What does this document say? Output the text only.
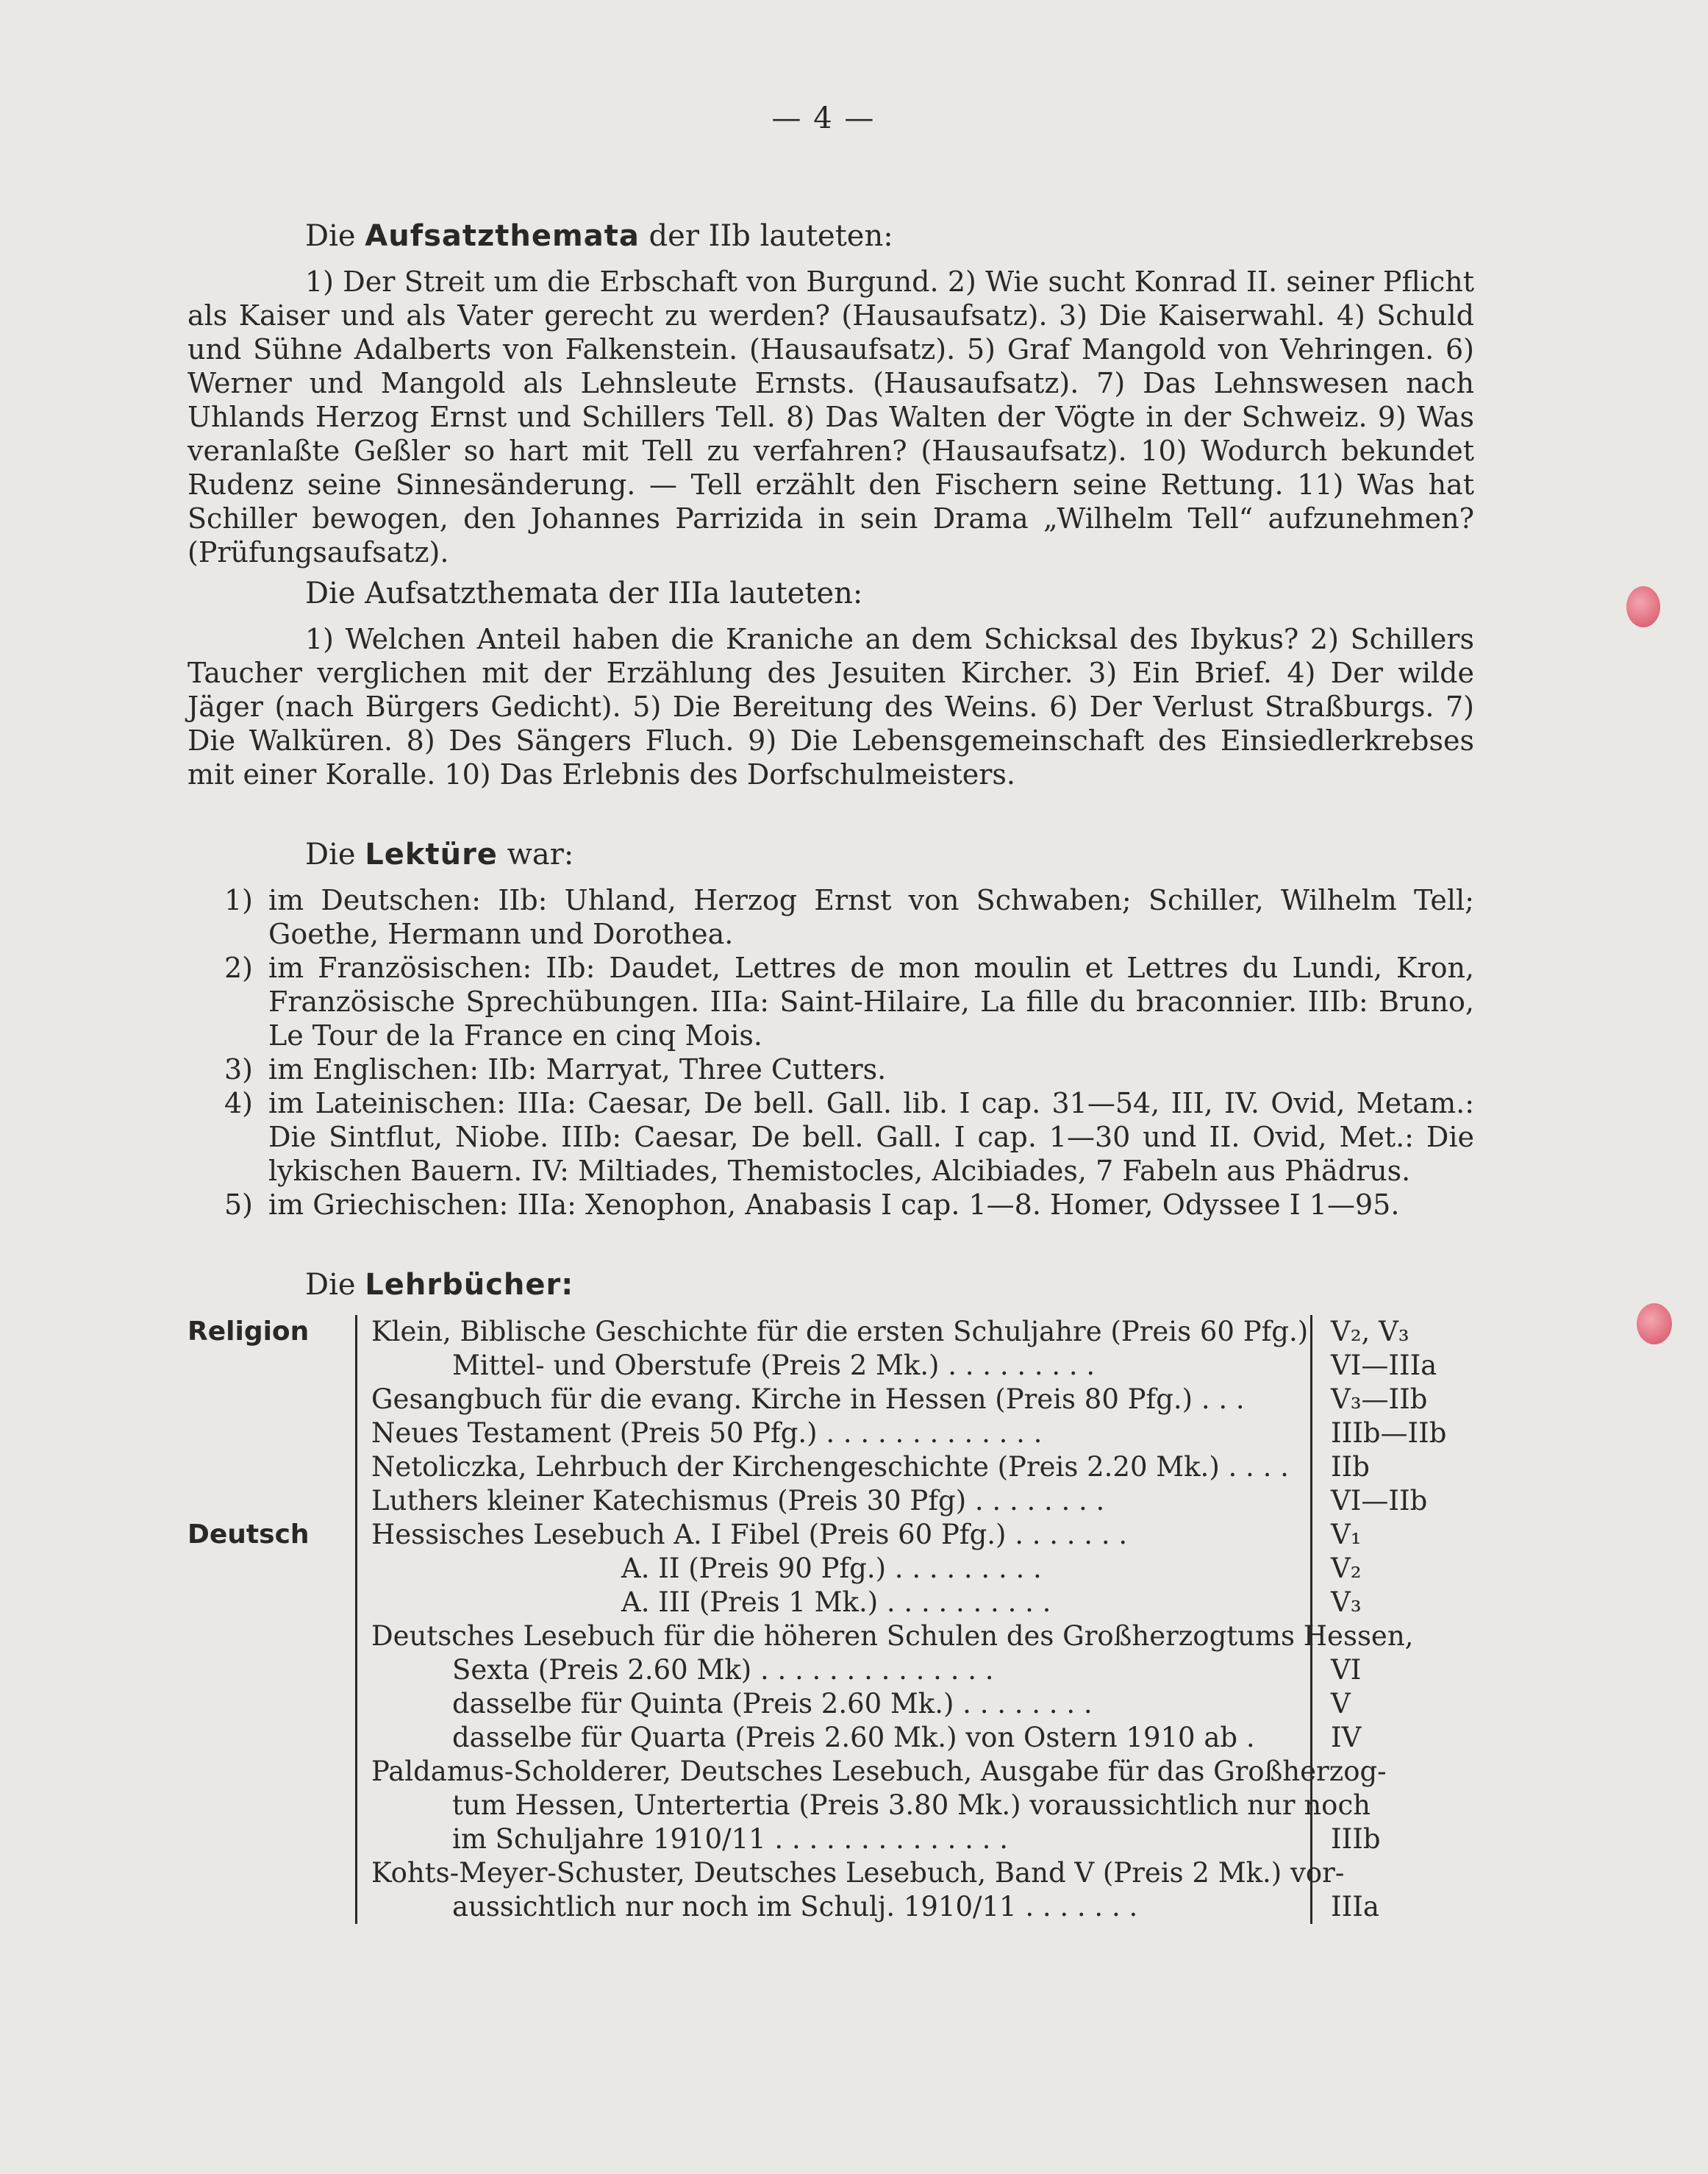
— 4 —
Die Aufsatzthemata der IIb lauteten:

1) Der Streit um die Erbschaft von Burgund. 2) Wie sucht Konrad II. seiner Pflicht als Kaiser und als Vater gerecht zu werden? (Hausaufsatz). 3) Die Kaiserwahl. 4) Schuld und Sühne Adalberts von Falkenstein. (Hausaufsatz). 5) Graf Mangold von Vehringen. 6) Werner und Mangold als Lehnsleute Ernsts. (Hausaufsatz). 7) Das Lehnswesen nach Uhlands Herzog Ernst und Schillers Tell. 8) Das Walten der Vögte in der Schweiz. 9) Was veranlaßte Geßler so hart mit Tell zu verfahren? (Hausaufsatz). 10) Wodurch bekundet Rudenz seine Sinnesänderung. — Tell erzählt den Fischern seine Rettung. 11) Was hat Schiller bewogen, den Johannes Parrizida in sein Drama „Wilhelm Tell“ aufzunehmen? (Prüfungsaufsatz).

Die Aufsatzthemata der IIIa lauteten:

1) Welchen Anteil haben die Kraniche an dem Schicksal des Ibykus? 2) Schillers Taucher verglichen mit der Erzählung des Jesuiten Kircher. 3) Ein Brief. 4) Der wilde Jäger (nach Bürgers Gedicht). 5) Die Bereitung des Weins. 6) Der Verlust Straßburgs. 7) Die Walküren. 8) Des Sängers Fluch. 9) Die Lebensgemeinschaft des Einsiedlerkrebses mit einer Koralle. 10) Das Erlebnis des Dorfschulmeisters.

Die Lektüre war:
1) im Deutschen: IIb: Uhland, Herzog Ernst von Schwaben; Schiller, Wilhelm Tell; Goethe, Hermann und Dorothea.
2) im Französischen: IIb: Daudet, Lettres de mon moulin et Lettres du Lundi, Kron, Französische Sprechübungen. IIIa: Saint-Hilaire, La fille du braconnier. IIIb: Bruno, Le Tour de la France en cinq Mois.
3) im Englischen: IIb: Marryat, Three Cutters.
4) im Lateinischen: IIIa: Caesar, De bell. Gall. lib. I cap. 31—54, III, IV. Ovid, Metam.: Die Sintflut, Niobe. IIIb: Caesar, De bell. Gall. I cap. 1—30 und II. Ovid, Met.: Die lykischen Bauern. IV: Miltiades, Themistocles, Alcibiades, 7 Fabeln aus Phädrus.
5) im Griechischen: IIIa: Xenophon, Anabasis I cap. 1—8. Homer, Odyssee I 1—95.
Die Lehrbücher:
Religion	Klein, Biblische Geschichte für die ersten Schuljahre (Preis 60 Pfg.) V₂, V₃
Mittel- und Oberstufe (Preis 2 Mk.) . . . . . . . . .	VI—IIIa
Gesangbuch für die evang. Kirche in Hessen (Preis 80 Pfg.) . . .	V₃—IIb
Neues Testament (Preis 50 Pfg.) . . . . . . . . . . . . .	IIIb—IIb
Netoliczka, Lehrbuch der Kirchengeschichte (Preis 2.20 Mk.) . . . .	IIb
Luthers kleiner Katechismus (Preis 30 Pfg) . . . . . . . .	VI—IIb
Deutsch	Hessisches Lesebuch A. I Fibel (Preis 60 Pfg.) . . . . . . .	V₁
A. II (Preis 90 Pfg.) . . . . . . . . .	V₂
A. III (Preis 1 Mk.) . . . . . . . . . .	V₃
Deutsches Lesebuch für die höheren Schulen des Großherzogtums Hessen,
Sexta (Preis 2.60 Mk) . . . . . . . . . . . . . .	VI
dasselbe für Quinta (Preis 2.60 Mk.) . . . . . . . .	V
dasselbe für Quarta (Preis 2.60 Mk.) von Ostern 1910 ab .	IV
Paldamus-Scholderer, Deutsches Lesebuch, Ausgabe für das Großherzog-
tum Hessen, Untertertia (Preis 3.80 Mk.) voraussichtlich nur noch
im Schuljahre 1910/11 . . . . . . . . . . . . . .	IIIb
Kohts-Meyer-Schuster, Deutsches Lesebuch, Band V (Preis 2 Mk.) vor-
aussichtlich nur noch im Schulj. 1910/11 . . . . . . .	IIIa
